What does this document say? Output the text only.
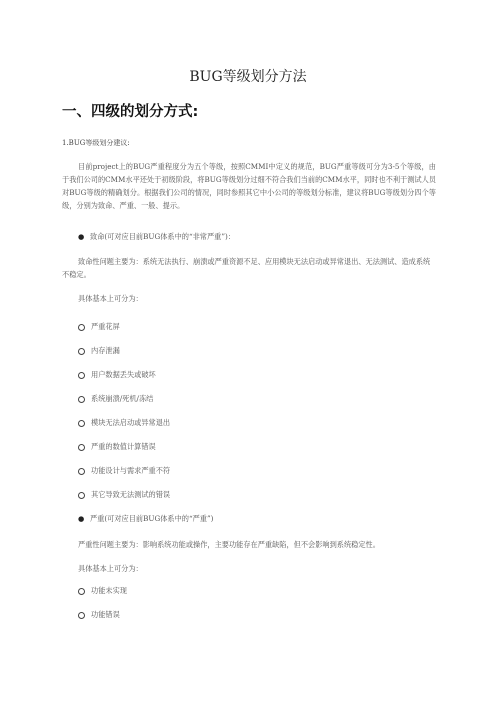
BUG等级划分方法
一、四级的划分方式:
1.BUG等级划分建议:
目前project上的BUG严重程度分为五个等级，按照CMMI中定义的规范，BUG严重等级可分为3-5个等级，由于我们公司的CMM水平还处于初级阶段，将BUG等级划分过细不符合我们当前的CMM水平，同时也不利于测试人员对BUG等级的精确划分。根据我们公司的情况，同时参照其它中小公司的等级划分标准，建议将BUG等级划分四个等级，分别为致命、严重、一般、提示。
● 致命(可对应目前BUG体系中的“非常严重”)：
致命性问题主要为：系统无法执行、崩溃或严重资源不足、应用模块无法启动或异常退出、无法测试、造成系统不稳定。
具体基本上可分为：
严重花屏
内存泄漏
用户数据丢失或破坏
系统崩溃/死机/冻结
模块无法启动或异常退出
严重的数值计算错误
功能设计与需求严重不符
其它导致无法测试的错误
● 严重(可对应目前BUG体系中的“严重”)
严重性问题主要为：影响系统功能或操作，主要功能存在严重缺陷，但不会影响到系统稳定性。
具体基本上可分为：
功能未实现
功能错误
